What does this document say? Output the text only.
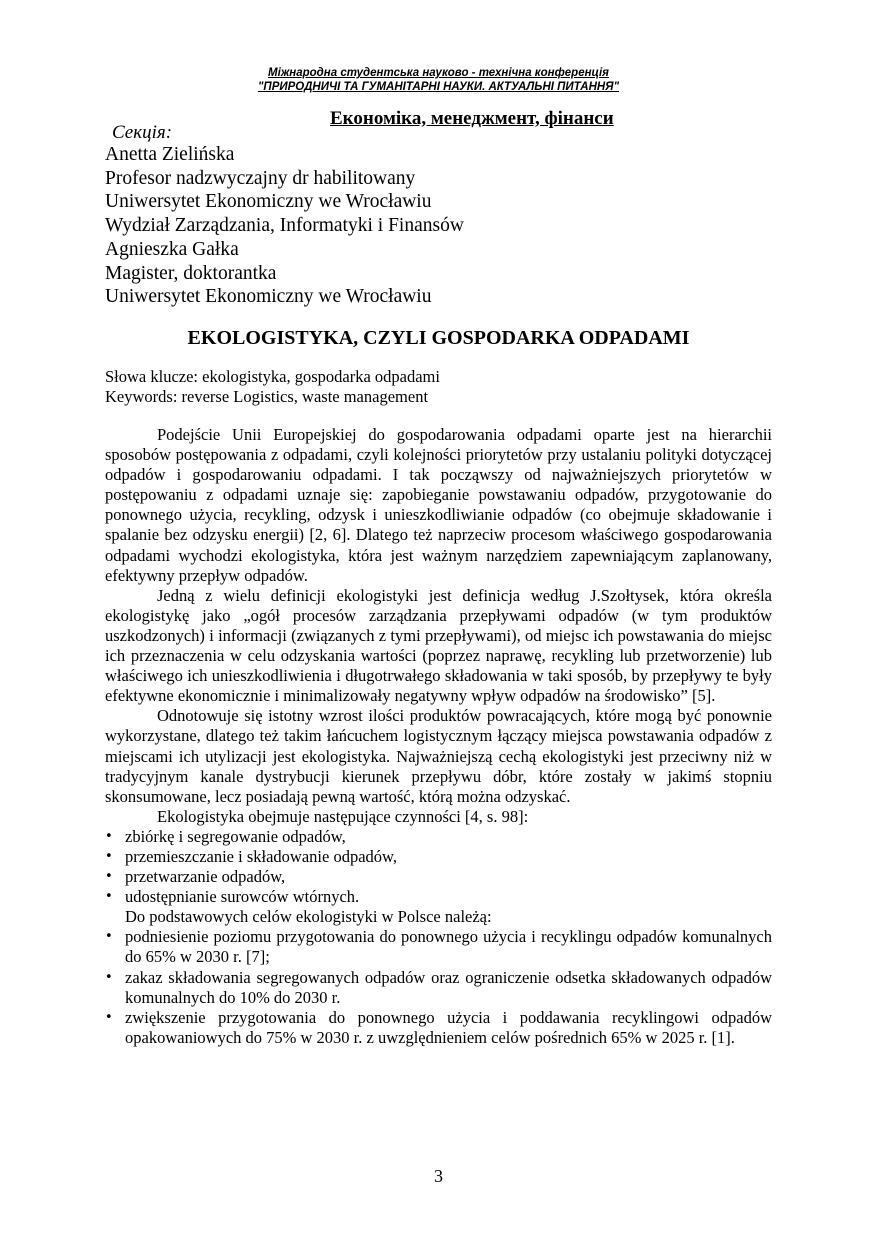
Міжнародна студентська науково - технічна конференція
"ПРИРОДНИЧІ ТА ГУМАНІТАРНІ НАУКИ. АКТУАЛЬНІ ПИТАННЯ"
Економіка, менеджмент, фінанси
Секція:
Anetta Zielińska
Profesor nadzwyczajny dr habilitowany
Uniwersytet Ekonomiczny we Wrocławiu
Wydział Zarządzania, Informatyki i Finansów
Agnieszka Gałka
Magister, doktorantka
Uniwersytet Ekonomiczny we Wrocławiu
EKOLOGISTYKA, CZYLI GOSPODARKA ODPADAMI
Słowa klucze: ekologistyka, gospodarka odpadami
Keywords: reverse Logistics, waste management

Podejście Unii Europejskiej do gospodarowania odpadami oparte jest na hierarchii sposobów postępowania z odpadami, czyli kolejności priorytetów przy ustalaniu polityki dotyczącej odpadów i gospodarowaniu odpadami. I tak począwszy od najważniejszych priorytetów w postępowaniu z odpadami uznaje się: zapobieganie powstawaniu odpadów, przygotowanie do ponownego użycia, recykling, odzysk i unieszkodliwianie odpadów (co obejmuje składowanie i spalanie bez odzysku energii) [2, 6]. Dlatego też naprzeciw procesom właściwego gospodarowania odpadami wychodzi ekologistyka, która jest ważnym narzędziem zapewniającym zaplanowany, efektywny przepływ odpadów.

Jedną z wielu definicji ekologistyki jest definicja według J.Szołtysek, która określa ekologistykę jako „ogół procesów zarządzania przepływami odpadów (w tym produktów uszkodzonych) i informacji (związanych z tymi przepływami), od miejsc ich powstawania do miejsc ich przeznaczenia w celu odzyskania wartości (poprzez naprawę, recykling lub przetworzenie) lub właściwego ich unieszkodliwienia i długotrwałego składowania w taki sposób, by przepływy te były efektywne ekonomicznie i minimalizowały negatywny wpływ odpadów na środowisko” [5].

Odnotowuje się istotny wzrost ilości produktów powracających, które mogą być ponownie wykorzystane, dlatego też takim łańcuchem logistycznym łączący miejsca powstawania odpadów z miejscami ich utylizacji jest ekologistyka. Najważniejszą cechą ekologistyki jest przeciwny niż w tradycyjnym kanale dystrybucji kierunek przepływu dóbr, które zostały w jakimś stopniu skonsumowane, lecz posiadają pewną wartość, którą można odzyskać.

Ekologistyka obejmuje następujące czynności [4, s. 98]:

• zbiórkę i segregowanie odpadów,
• przemieszczanie i składowanie odpadów,
• przetwarzanie odpadów,
• udostępnianie surowców wtórnych.
Do podstawowych celów ekologistyki w Polsce należą:
• podniesienie poziomu przygotowania do ponownego użycia i recyklingu odpadów komunalnych do 65% w 2030 r. [7];
• zakaz składowania segregowanych odpadów oraz ograniczenie odsetka składowanych odpadów komunalnych do 10% do 2030 r.
• zwiększenie przygotowania do ponownego użycia i poddawania recyklingowi odpadów opakowaniowych do 75% w 2030 r. z uwzględnieniem celów pośrednich 65% w 2025 r. [1].
3
